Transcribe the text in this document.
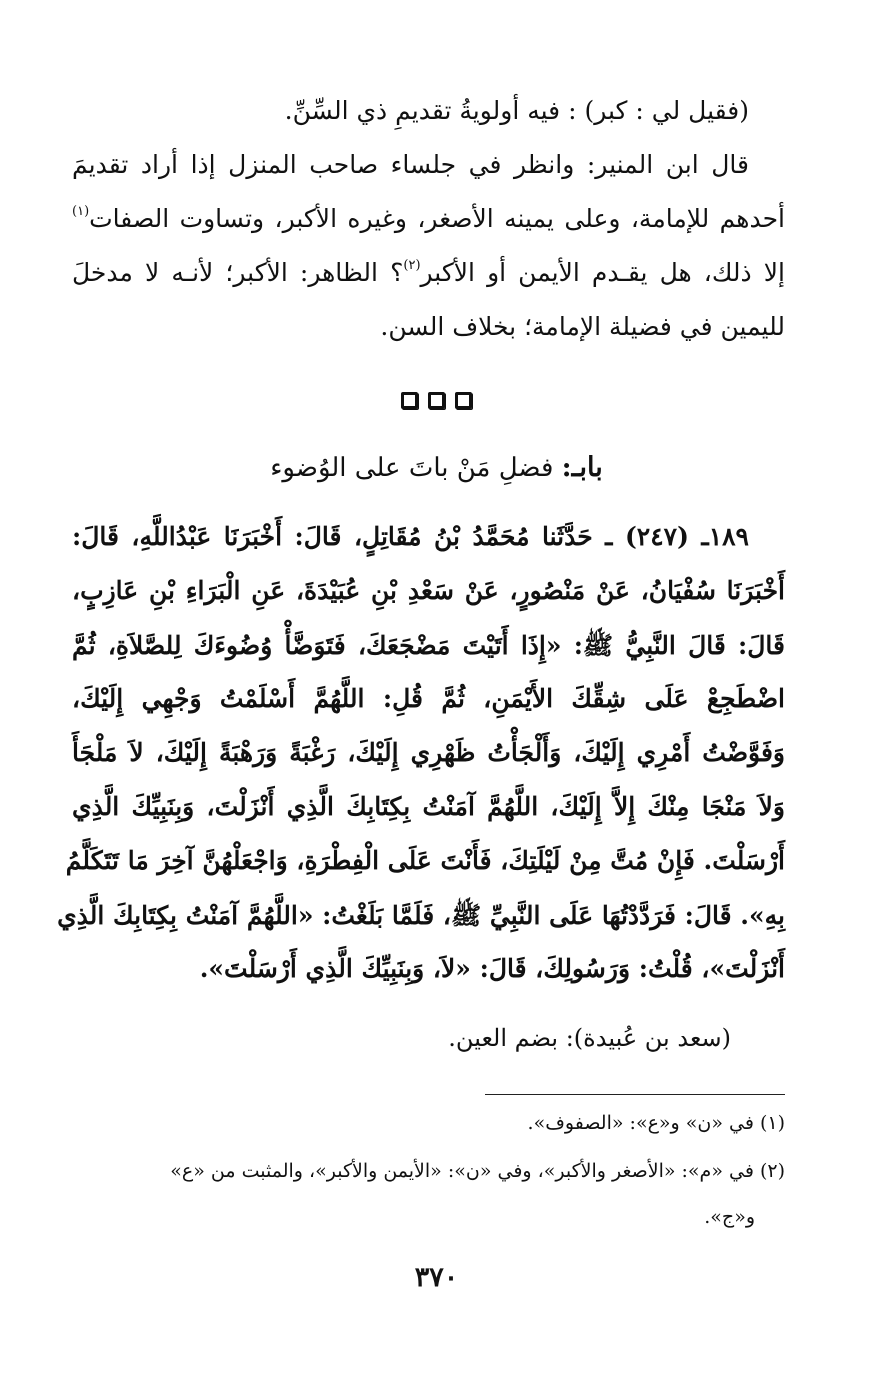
(فقيل لي : كبر) : فيه أولويةُ تقديمِ ذي السِّنِّ.
قال ابن المنير: وانظر في جلساء صاحب المنزل إذا أراد تقديمَ
أحدهم للإمامة، وعلى يمينه الأصغر، وغيره الأكبر، وتساوت الصفات$^{(١)}$
إلا ذلك، هل يقـدم الأيمن أو الأكبر$^{(٢)}$؟ الظاهر: الأكبر؛ لأنـه لا مدخلَ
لليمين في فضيلة الإمامة؛ بخلاف السن.
بابـ: فضلِ مَنْ باتَ على الوُضوء
١٨٩ـ (٢٤٧) ـ حَدَّثَنا مُحَمَّدُ بْنُ مُقَاتِلٍ، قَالَ: أَخْبَرَنَا عَبْدُاللَّهِ، قَالَ:
أَخْبَرَنَا سُفْيَانُ، عَنْ مَنْصُورٍ، عَنْ سَعْدِ بْنِ عُبَيْدَةَ، عَنِ الْبَرَاءِ بْنِ عَازِبٍ،
قَالَ: قَالَ النَّبِيُّ ﷺ: «إِذَا أَتَيْتَ مَضْجَعَكَ، فَتَوَضَّأْ وُضُوءَكَ لِلصَّلاَةِ، ثُمَّ
اضْطَجِعْ عَلَى شِقِّكَ الأَيْمَنِ، ثُمَّ قُلِ: اللَّهُمَّ أَسْلَمْتُ وَجْهِي إِلَيْكَ،
وَفَوَّضْتُ أَمْرِي إِلَيْكَ، وَأَلْجَأْتُ ظَهْرِي إِلَيْكَ، رَغْبَةً وَرَهْبَةً إِلَيْكَ، لاَ مَلْجَأَ
وَلاَ مَنْجَا مِنْكَ إِلاَّ إِلَيْكَ، اللَّهُمَّ آمَنْتُ بِكِتَابِكَ الَّذِي أَنْزَلْتَ، وَبِنَبِيِّكَ الَّذِي
أَرْسَلْتَ. فَإِنْ مُتَّ مِنْ لَيْلَتِكَ، فَأَنْتَ عَلَى الْفِطْرَةِ، وَاجْعَلْهُنَّ آخِرَ مَا تَتَكَلَّمُ
بِهِ». قَالَ: فَرَدَّدْتُهَا عَلَى النَّبِيِّ ﷺ، فَلَمَّا بَلَغْتُ: «اللَّهُمَّ آمَنْتُ بِكِتَابِكَ الَّذِي
أَنْزَلْتَ»، قُلْتُ: وَرَسُولِكَ، قَالَ: «لاَ، وَبِنَبِيِّكَ الَّذِي أَرْسَلْتَ».
(سعد بن عُبيدة): بضم العين.
(١) في «ن» و«ع»: «الصفوف».
(٢) في «م»: «الأصغر والأكبر»، وفي «ن»: «الأيمن والأكبر»، والمثبت من «ع»
و«ج».
٣٧٠
